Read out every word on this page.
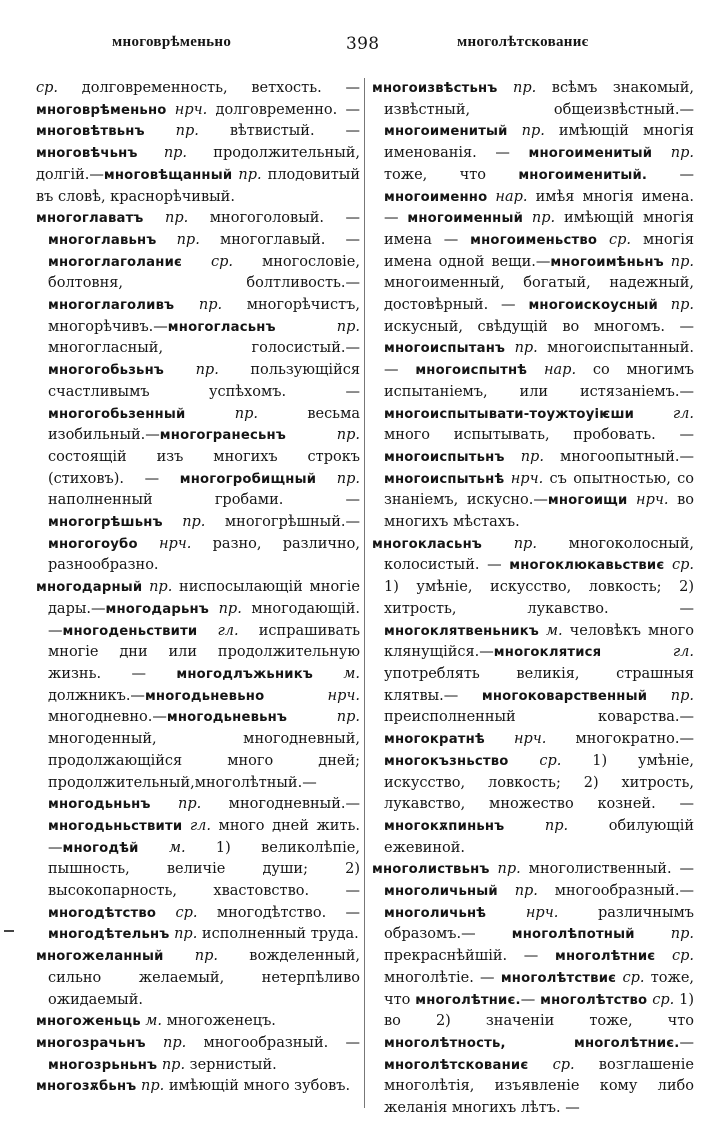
многоврѣменьно	398	многолѣтскованиє

ср. долговременность, ветхость. — многоврѣменьно нрч. долговременно. — многовѣтвьнъ пр. вѣтвистый. — многовѣчьнъ пр. продолжительный, долгій.—многовѣщанный пр. плодовитый въ словѣ, краснорѣчивый.

многоглаватъ пр. многоголовый. — многоглавьнъ пр. многоглавый. — многоглаголаниє ср. многословіе, болтовня, болтливость.— многоглаголивъ пр. многорѣчистъ, многорѣчивъ.—многогласьнъ	пр. многогласный, голосистый.—многогобьзьнъ пр. пользующійся счастливымъ успѣхомъ. — многогобьзенный	пр. весьма изобильный.—многогранесьнъ	пр. состоящій изъ многихъ строкъ (стиховъ). — многогробищный пр. наполненный гробами. — многогрѣшьнъ пр. многогрѣшный.— многогоубо нрч. разно, различно, разнообразно.

многодарный пр. ниспосылающій многіе дары.—многодарьнъ пр. многодающій.—многоденьствити гл. испрашивать многіе дни или продолжительную жизнь. — многодлъжьникъ м. должникъ.—многодьневьно	нрч. многодневно.—многодьневьнъ	пр. многоденный, многодневный, продолжающійся много дней; продолжительный,многолѣтный.—многодьньнъ пр. многодневный.—многодьньствити гл. много дней жить. —многодѣй м. 1) великолѣпіе, пышность, величіе души; 2) высокопарность, хвастовство. — многодѣтство ср. многодѣтство. — многодѣтельнъ пр. исполненный труда.

многожеланный пр. вожделенный, сильно желаемый, нетерпѣливо ожидаемый.

многоженьць м. многоженецъ.

многозрачьнъ пр. многообразный. — многозрьньнъ пр. зернистый.

многозѫбьнъ пр. имѣющій много зубовъ.

многоизвѣстьнъ пр. всѣмъ знакомый, извѣстный, общеизвѣстный.— многоименитый пр. имѣющій многія именованія. — многоименитый пр. тоже, что многоименитый. — многоименно нар. имѣя многія имена. — многоименный пр. имѣющій многія имена — многоименьство ср. многія имена одной вещи.—многоимѣньнъ пр. многоименный, богатый, надежный, достовѣрный. — многоискоусный пр. искусный, свѣдущій во многомъ. — многоиспытанъ пр. многоиспытанный.— многоиспытнѣ нар. со многимъ испытаніемъ, или истязаніемъ.—многоиспытывати-тоужтоуіѥши	гл. много испытывать, пробовать. — многоиспытьнъ пр. многоопытный.—многоиспытьнѣ нрч. съ опытностью, со знаніемъ, искусно.—многоищи нрч. во многихъ мѣстахъ.

многокласьнъ пр. многоколосный, колосистый. — многоклюкавьствиє ср. 1) умѣніе, искусство, ловкость; 2) хитрость, лукавство. — многоклятвеньникъ м. человѣкъ много клянущійся.—многоклятися	гл. употреблять великія, страшныя клятвы.— многоковарственный пр. преисполненный коварства.—многократнѣ нрч. многократно.—многокъзньство ср. 1) умѣніе, искусство, ловкость; 2) хитрость, лукавство, множество козней. — многокѫпиньнъ	пр. обилующій ежевиной.

многолиствьнъ пр. многолиственный. — многоличьный пр. многообразный.— многоличьнѣ	нрч. различнымъ образомъ.— многолѣпотный пр. прекраснѣйшій. — многолѣтниє ср. многолѣтіе. — многолѣтствиє ср. тоже, что многолѣтниє.— многолѣтство ср. 1) во 2) значеніи тоже, что многолѣтность, многолѣтниє.—многолѣтскованиє ср. возглашеніе многолѣтія, изъявленіе кому либо желанія многихъ лѣтъ. —
